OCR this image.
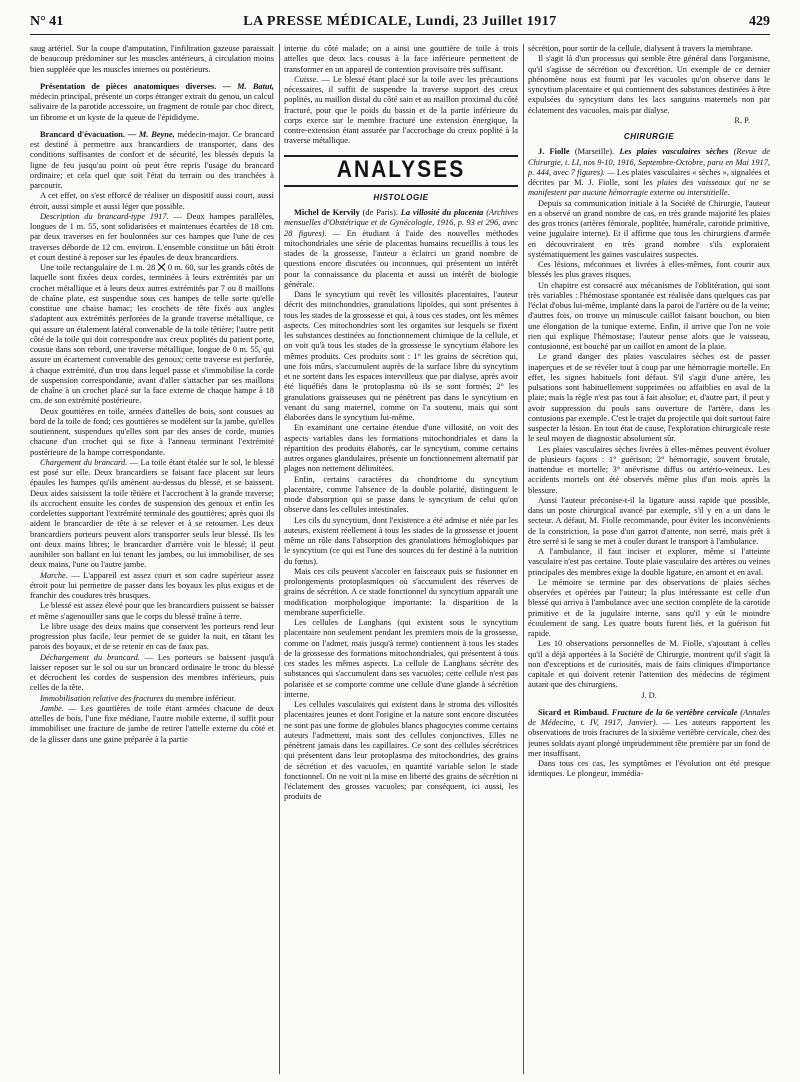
N° 41	LA PRESSE MÉDICALE, Lundi, 23 Juillet 1917	429

saug artériel. Sur la coupe d'amputation, l'infiltration gazeuse paraissait de beaucoup prédominer sur les muscles antérieurs, à circulation moins bien suppléée que les muscles internes ou postérieurs.

Présentation de pièces anatomiques diverses. — M. Batut, médecin principal, présente un corps étranger extrait du genou, un calcul salivaire de la parotide accessoire, un fragment de rotule par choc direct, un fibrome et un kyste de la queue de l'épididyme.

Brancard d'évacuation. — M. Beyne, médecin-major. Ce brancard est destiné à permettre aux brancardiers de transporter, dans des conditions suffisantes de confort et de sécurité, les blessés depuis la ligne de feu jusqu'au point où peut être repris l'usage du brancard ordinaire; et cela quel que soit l'état du terrain ou des tranchées à parcourir.

A cet effet, on s'est efforcé de réaliser un dispositif aussi court, aussi étroit, aussi simple et aussi léger que possible.

Description du brancard-type 1917. — Deux hampes parallèles, longues de 1 m. 55, sont solidarisées et maintenues écartées de 18 cm. par deux traverses en fer boulonnées sur ces hampes que l'une de ces traverses déborde de 12 cm. environ. L'ensemble constitue un bâti étroit et court destiné à reposer sur les épaules de deux brancardiers.

Une toile rectangulaire de 1 m. 28  0 m. 60, sur les grands côtés de laquelle sont fixées deux cordes, terminées à leurs extrémités par un crochet métallique et à leurs deux autres extrémités par 7 ou 8 maillons de chaîne plate, est suspendue sous ces hampes de telle sorte qu'elle constitue une chaise hamac; les crochets de tête fixés aux angles s'adaptent aux extrémités perforées de la grande traverse métallique, ce qui assure un étalement latéral convenable de la toile têtière; l'autre petit côté de la toile qui doit correspondre aux creux poplités du patient porte, cousue dans son rebord, une traverse métallique, longue de 0 m. 55, qui assure un écartement convenable des genoux; cette traverse est perforée, à chaque extrémité, d'un trou dans lequel passe et s'immobilise la corde de suspension correspondante, avant d'aller s'attacher par ses maillons de chaîne à un crochet placé sur la face externe de chaque hampe à 18 cm. de son extrémité postérieure.

Deux gouttières en toile, armées d'attelles de bois, sont cousues au bord de la toile de fond; ces gouttières se modèlent sur la jambe, qu'elles soutiennent, suspendues qu'elles sont par des anses de corde, munies chacune d'un crochet qui se fixe à l'anneau terminant l'extrémité postérieure de la hampe correspondante.

Chargement du brancard. — La toile étant étalée sur le sol, le blessé est posé sur elle. Deux brancardiers se faisant face placent sur leurs épaules les hampes qu'ils amènent au-dessus du blessé, et se baissent. Deux aides saisissent la toile têtière et l'accrochent à la grande traverse; ils accrochent ensuite les cordes de suspension des genoux et enfin les cordelettes supportant l'extrémité terminale des gouttières; après quoi ils aident le brancardier de tête à se relever et à se retourner. Les deux brancardiers porteurs peuvent alors transporter seuls leur blessé. Ils les ont deux mains libres; le brancardier d'arrière voit le blessé; il peut aunihiler son ballant en lui tenant les jambes, ou lui immobiliser, de ses deux mains, l'une ou l'autre jambe.

Marche. — L'appareil est assez court et son cadre supérieur assez étroit pour lui permettre de passer dans les boyaux les plus exigus et de franchir des coudures très brusques.

Le blessé est assez élevé pour que les brancardiers puissent se baisser et même s'agenouiller sans que le corps du blessé traîne à terre.

Le libre usage des deux mains que conservent les porteurs rend leur progression plus facile, leur permet de se guider la nuit, en tâtant les parois des boyaux, et de se retenir en cas de faux pas.

Déchargement du brancard. — Les porteurs se baissent jusqu'à laisser reposer sur le sol ou sur un brancard ordinaire le tronc du blessé et décrochent les cordes de suspension des membres inférieurs, puis celles de la tête.

Immobilisation relative des fractures du membre inférieur.

Jambe. — Les gouttières de toile étant armées chacune de deux attelles de bois, l'une fixe médiane, l'autre mobile externe, il suffit pour immobiliser une fracture de jambe de retirer l'attelle externe du côté et de la glisser dans une gaine préparée à la partie

interne du côté malade; on a ainsi une gouttière de toile à trois attelles que deux lacs cousus à la face inférieure permettent de transformer en un appareil de contention provisoire très suffisant.

Cuisse. — Le blessé étant placé sur la toile avec les précautions nécessaires, il suffit de suspendre la traverse support des creux poplités, au maillon distal du côté sain et au maillon proximal du côté fracturé, pour que le poids du bassin et de la partie inférieure du corps exerce sur le membre fracturé une extension énergique, la contre-extension étant assurée par l'accrochage du creux poplité à la traverse métallique.

ANALYSES

HISTOLOGIE

Michel de Kervily (de Paris). La villosité du placenta (Archives mensuelles d'Obstétrique et de Gynécologie, 1916, p. 93 et 296, avec 28 figures). — En étudiant à l'aide des nouvelles méthodes mitochondriales une série de placentas humains recueillis à tous les stades de la grossesse, l'auteur a éclairci un grand nombre de questions encore discutées ou inconnues, qui présentent un intérêt pour la connaissance du placenta et aussi un intérêt de biologie générale.

Dans le syncytium qui revêt les villosités placentaires, l'auteur décrit des mitochondries, granulations lipoïdes, qui sont présentes à tous les stades de la grossesse et qui, à tous ces stades, ont les mêmes aspects. Ces mitochondries sont les organites sur lesquels se fixent les substances destinées au fonctionnement chimique de la cellule, et on voit qu'à tous les stades de la grossesse le syncytium élabore les mêmes produits. Ces produits sont : 1° les grains de sécrétion qui, une fois mûrs, s'accumulent auprès de la surface libre du syncytium et ne sortent dans les espaces intervilleux que par dialyse, après avoir été liquéfiés dans le protoplasma où ils se sont formés; 2° les granulations graisseuses qui ne pénètrent pas dans le syncytium en venant du sang maternel, comme on l'a soutenu, mais qui sont élaborées dans le syncytium lui-même.

En examinant une certaine étendue d'une villosité, on voit des aspects variables dans les formations mitochondriales et dans la répartition des produits élaborés, car le syncytium, comme certains autres organes glandulaires, présente un fonctionnement alternatif par plages non nettement délimitées.

Enfin, certains caractères du chondriome du syncytium placentaire, comme l'absence de la double polarité, distinguent le mode d'absorption qui se passe dans le syncytium de celui qu'on observe dans les cellules intestinales.

Les cils du syncytium, dont l'existence a été admise et niée par les auteurs, existent réellement à tous les stades de la grossesse et jouent même un rôle dans l'absorption des granulations hémoglobiques par le syncytium (ce qui est l'une des sources du fer destiné à la nutrition du fœtus).

Mais ces cils peuvent s'accoler en faisceaux puis se fusionner en prolongements protoplasmiques où s'accumulent des réserves de grains de sécrétion. A ce stade fonctionnel du syncytium apparaît une modification morphologique importante: la disparition de la membrane superficielle.

Les cellules de Langhans (qui existent sous le syncytium placentaire non seulement pendant les premiers mois de la grossesse, comme on l'admet, mais jusqu'à terme) contiennent à tous les stades de la grossesse des formations mitochondriales, qui présentent à tous ces stades les mêmes aspects. La cellule de Langhans sécrète des substances qui s'accumulent dans ses vacuoles; cette cellule n'est pas polarisée et se comporte comme une cellule d'une glande à sécrétion interne.

Les cellules vasculaires qui existent dans le stroma des villosités placentaires jeunes et dont l'origine et la nature sont encore discutées ne sont pas une forme de globules blancs phagocytes comme certains auteurs l'admettent, mais sont des cellules conjonctives. Elles ne pénètrent jamais dans les capillaires. Ce sont des cellules sécrétrices qui présentent dans leur protoplasma des mitochondries, des grains de sécrétion et des vacuoles, en quantité variable selon le stade fonctionnel. On ne voit ni la mise en liberté des grains de sécrétion ni l'éclatement des grosses vacuoles; par conséquent, ici aussi, les produits de

sécrétion, pour sortir de la cellule, dialysent à travers la membrane.

Il s'agit là d'un processus qui semble être général dans l'organisme, qu'il s'agisse de sécrétion ou d'excrétion. Un exemple de ce dernier phénomène nous est fourni par les vacuoles qu'on observe dans le syncytium placentaire et qui contiennent des substances destinées à être expulsées du syncytium dans les lacs sanguins maternels non par éclatement des vacuoles, mais par dialyse.

R. P.

CHIRURGIE

J. Fiolle (Marseille). Les plaies vasculaires sèches (Revue de Chirurgie, t. LI, nos 9-10, 1916, Septembre-Octobre, paru en Mai 1917, p. 444, avec 7 figures). — Les plaies vasculaires « sèches », signalées et décrites par M. J. Fiolle, sont les plaies des vaisseaux qui ne se manifestent par aucune hémorragie externe ou interstitielle.

Depuis sa communication initiale à la Société de Chirurgie, l'auteur en a observé un grand nombre de cas, en très grande majorité les plaies des gros troncs (artères fémorale, poplitée, humérale, carotide primitive, veine jugulaire interne). Et il affirme que tous les chirurgiens d'armée en découvriraient en très grand nombre s'ils exploraient systématiquement les gaines vasculaires suspectes.

Ces lésions, méconnues et livrées à elles-mêmes, font courir aux blessés les plus graves risques.

Un chapitre est consacré aux mécanismes de l'oblitération, qui sont très variables : l'hémostase spontanée est réalisée dans quelques cas par l'éclat d'obus lui-même, implanté dans la paroi de l'artère ou de la veine; d'autres fois, on trouve un minuscule caillot faisant bouchon, ou bien une élongation de la tunique externe. Enfin, il arrive que l'on ne voie rien qui explique l'hémostase; l'auteur pense alors que le vaisseau, contusionné, est bouché par un caillot en amont de la plaie.

Le grand danger des plaies vasculaires sèches est de passer inaperçues et de se révéler tout à coup par une hémorragie mortelle. En effet, les signes habituels font défaut. S'il s'agit d'une artère, les pulsations sont habituellement supprimées ou affaiblies en aval de la plaie; mais la règle n'est pas tout à fait absolue; et, d'autre part, il peut y avoir suppression du pouls sans ouverture de l'artère, dans les contusions par exemple. C'est le trajet du projectile qui doit surtout faire suspecter la lésion. En tout état de cause, l'exploration chirurgicale reste le seul moyen de diagnostic absolument sûr.

Les plaies vasculaires sèches livrées à elles-mêmes peuvent évoluer de plusieurs façons : 1° guérison; 2° hémorragie, souvent brutale, inattendue et mortelle; 3° anévrisme diffus ou artério-veineux. Les accidents mortels ont été observés même plus d'un mois après la blessure.

Aussi l'auteur préconise-t-il la ligature aussi rapide que possible, dans un poste chirurgical avancé par exemple, s'il y en a un dans le secteur. A défaut, M. Fiolle recommande, pour éviter les inconvénients de la constriction, la pose d'un garrot d'attente, non serré, mais prêt à être serré si le sang se met à couler durant le transport à l'ambulance.

A l'ambulance, il faut inciser et explorer, même si l'atteinte vasculaire n'est pas certaine. Toute plaie vasculaire des artères ou veines principales des membres exige la double ligature, en amont et en aval.

Le mémoire se termine par des observations de plaies sèches observées et opérées par l'auteur; la plus intéressante est celle d'un blessé qui arriva à l'ambulance avec une section complète de la carotide primitive et de la jugulaire interne, sans qu'il y eût le moindre écoulement de sang. Les quatre bouts furent liés, et la guérison fut rapide.

Les 10 observations personnelles de M. Fiolle, s'ajoutant à celles qu'il a déjà apportées à la Société de Chirurgie, montrent qu'il s'agit là non d'exceptions et de curiosités, mais de faits cliniques d'importance capitale et qui doivent retenir l'attention des médecins de régiment autant que des chirurgiens.

J. D.

Sicard et Rimbaud. Fracture de la 6e vertèbre cervicale (Annales de Médecine, t. IV, 1917, Janvier). — Les auteurs rapportent les observations de trois fractures de la sixième vertèbre cervicale, chez des jeunes soldats ayant plongé imprudemment tête première par un fond de mer insuffisant.

Dans tous ces cas, les symptômes et l'évolution ont été presque identiques. Le plongeur, immédia-
